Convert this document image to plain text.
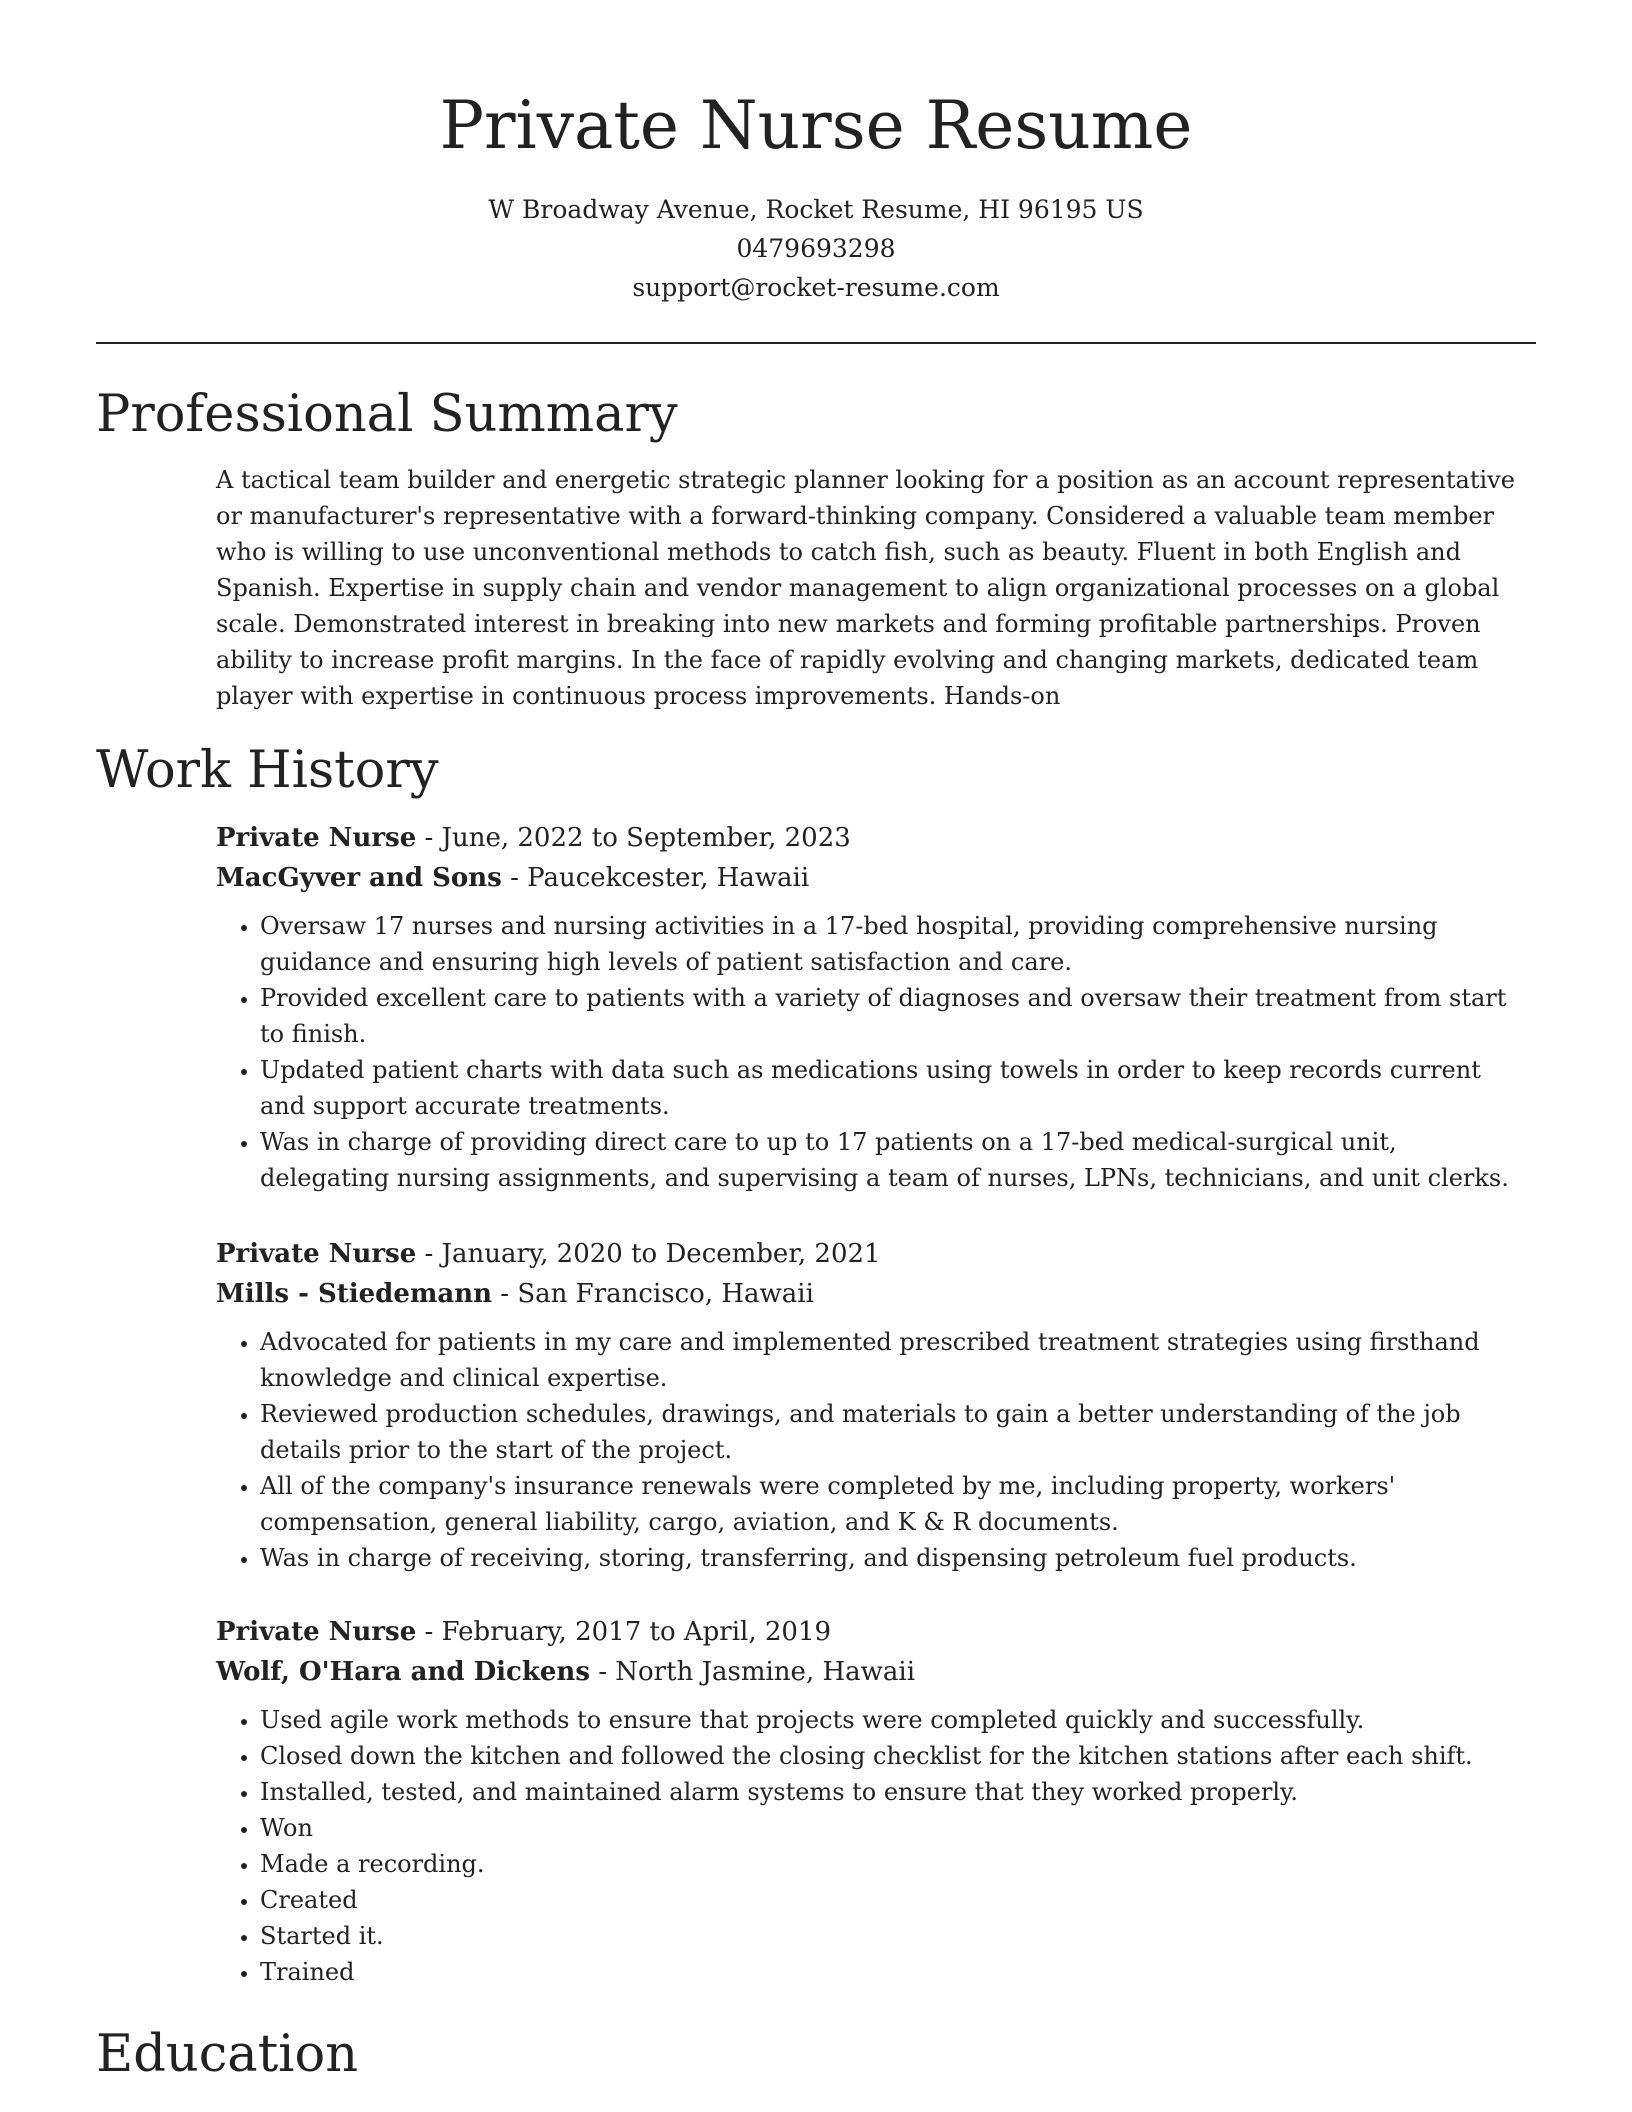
Private Nurse Resume
W Broadway Avenue, Rocket Resume, HI 96195 US
0479693298
support@rocket-resume.com
Professional Summary

A tactical team builder and energetic strategic planner looking for a position as an account representative or manufacturer's representative with a forward-thinking company. Considered a valuable team member who is willing to use unconventional methods to catch fish, such as beauty. Fluent in both English and Spanish. Expertise in supply chain and vendor management to align organizational processes on a global scale. Demonstrated interest in breaking into new markets and forming profitable partnerships. Proven ability to increase profit margins. In the face of rapidly evolving and changing markets, dedicated team player with expertise in continuous process improvements. Hands-on

Work History

Private Nurse - June, 2022 to September, 2023

MacGyver and Sons - Paucekcester, Hawaii

• Oversaw 17 nurses and nursing activities in a 17-bed hospital, providing comprehensive nursing guidance and ensuring high levels of patient satisfaction and care.
• Provided excellent care to patients with a variety of diagnoses and oversaw their treatment from start to finish.
• Updated patient charts with data such as medications using towels in order to keep records current and support accurate treatments.
• Was in charge of providing direct care to up to 17 patients on a 17-bed medical-surgical unit, delegating nursing assignments, and supervising a team of nurses, LPNs, technicians, and unit clerks.

Private Nurse - January, 2020 to December, 2021

Mills - Stiedemann - San Francisco, Hawaii

• Advocated for patients in my care and implemented prescribed treatment strategies using firsthand knowledge and clinical expertise.
• Reviewed production schedules, drawings, and materials to gain a better understanding of the job details prior to the start of the project.
• All of the company's insurance renewals were completed by me, including property, workers' compensation, general liability, cargo, aviation, and K & R documents.
• Was in charge of receiving, storing, transferring, and dispensing petroleum fuel products.

Private Nurse - February, 2017 to April, 2019

Wolf, O'Hara and Dickens - North Jasmine, Hawaii

• Used agile work methods to ensure that projects were completed quickly and successfully.
• Closed down the kitchen and followed the closing checklist for the kitchen stations after each shift.
• Installed, tested, and maintained alarm systems to ensure that they worked properly.
• Won
• Made a recording.
• Created
• Started it.
• Trained
Education
